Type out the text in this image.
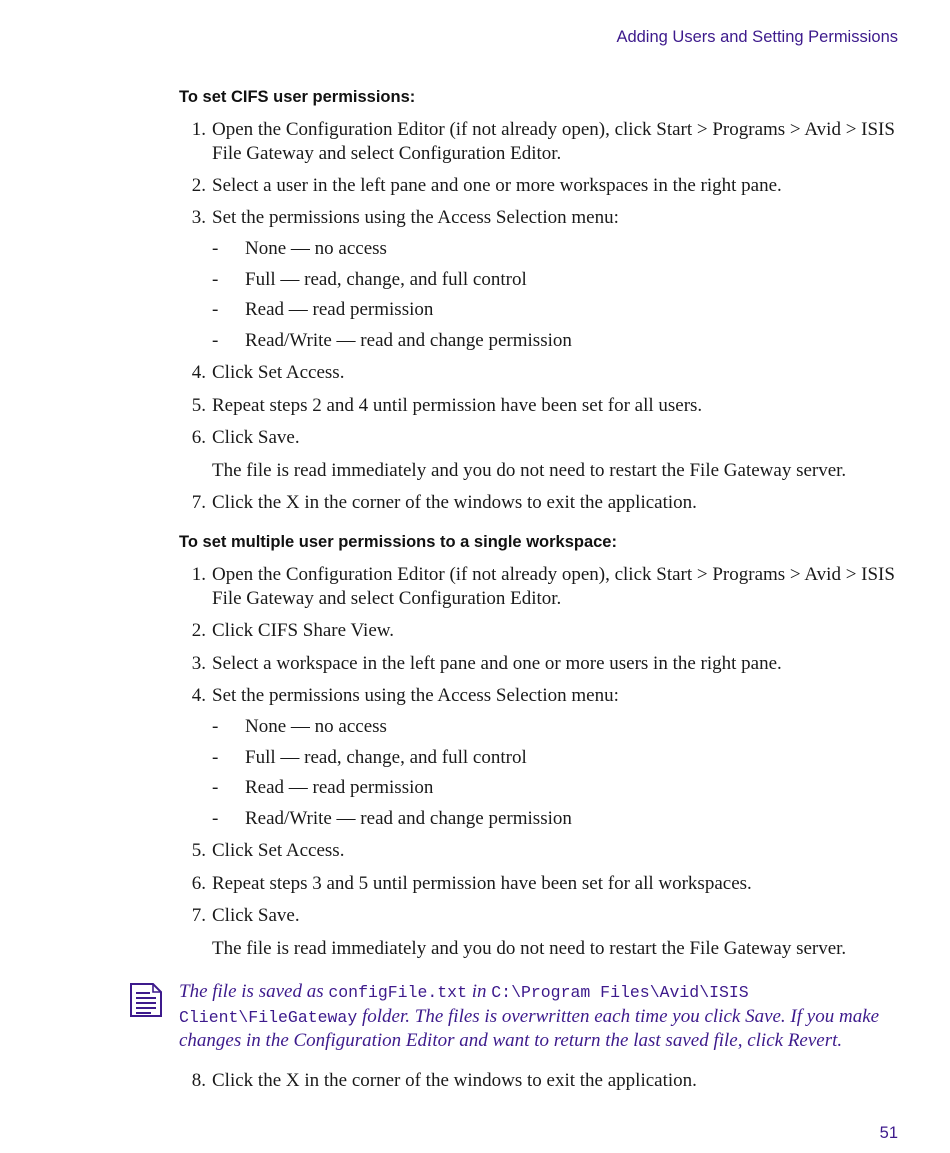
Adding Users and Setting Permissions
To set CIFS user permissions:
1. Open the Configuration Editor (if not already open), click Start > Programs > Avid > ISIS File Gateway and select Configuration Editor.
2. Select a user in the left pane and one or more workspaces in the right pane.
3. Set the permissions using the Access Selection menu:
- None — no access
- Full — read, change, and full control
- Read — read permission
- Read/Write — read and change permission
4. Click Set Access.
5. Repeat steps 2 and 4 until permission have been set for all users.
6. Click Save.
The file is read immediately and you do not need to restart the File Gateway server.
7. Click the X in the corner of the windows to exit the application.
To set multiple user permissions to a single workspace:
1. Open the Configuration Editor (if not already open), click Start > Programs > Avid > ISIS File Gateway and select Configuration Editor.
2. Click CIFS Share View.
3. Select a workspace in the left pane and one or more users in the right pane.
4. Set the permissions using the Access Selection menu:
- None — no access
- Full — read, change, and full control
- Read — read permission
- Read/Write — read and change permission
5. Click Set Access.
6. Repeat steps 3 and 5 until permission have been set for all workspaces.
7. Click Save.
The file is read immediately and you do not need to restart the File Gateway server.
The file is saved as configFile.txt in C:\Program Files\Avid\ISIS Client\FileGateway folder. The files is overwritten each time you click Save. If you make changes in the Configuration Editor and want to return the last saved file, click Revert.
8. Click the X in the corner of the windows to exit the application.
51
